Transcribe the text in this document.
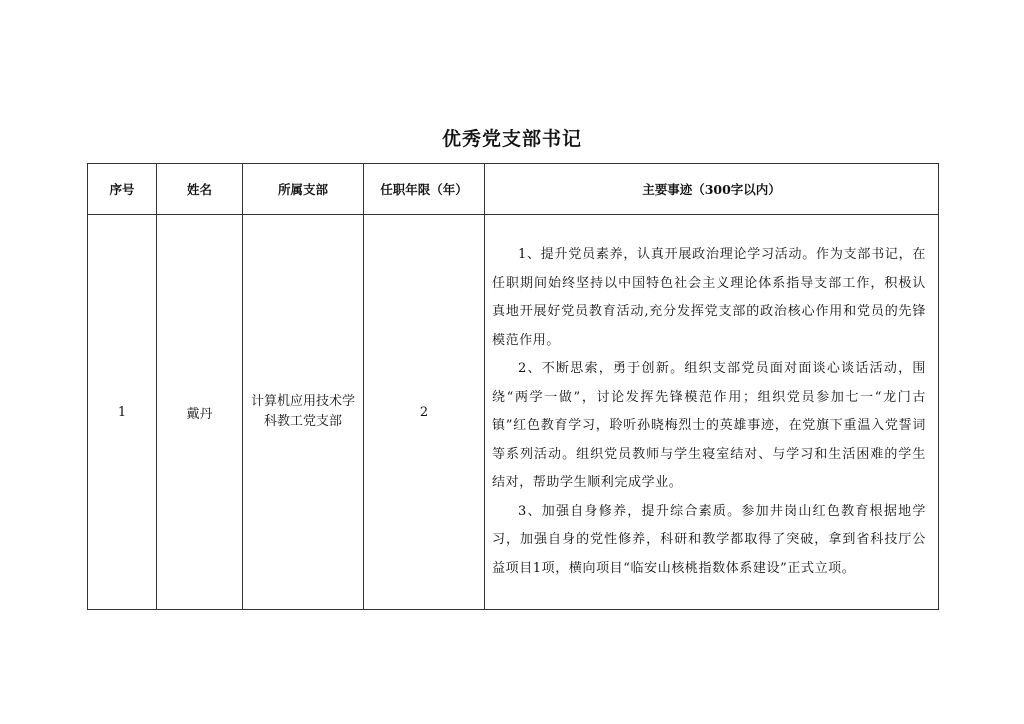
优秀党支部书记
序号	姓名	所属支部	任职年限（年）	主要事迹（300字以内）
1	戴丹	计算机应用技术学科教工党支部	2	1、提升党员素养，认真开展政治理论学习活动。作为支部书记，在任职期间始终坚持以中国特色社会主义理论体系指导支部工作，积极认真地开展好党员教育活动,充分发挥党支部的政治核心作用和党员的先锋模范作用。

2、不断思索，勇于创新。组织支部党员面对面谈心谈话活动，围绕“两学一做”，讨论发挥先锋模范作用；组织党员参加七一“龙门古镇”红色教育学习，聆听孙晓梅烈士的英雄事迹，在党旗下重温入党誓词等系列活动。组织党员教师与学生寝室结对、与学习和生活困难的学生结对，帮助学生顺利完成学业。

3、加强自身修养，提升综合素质。参加井岗山红色教育根据地学习，加强自身的党性修养，科研和教学都取得了突破，拿到省科技厅公益项目1项，横向项目“临安山核桃指数体系建设”正式立项。
